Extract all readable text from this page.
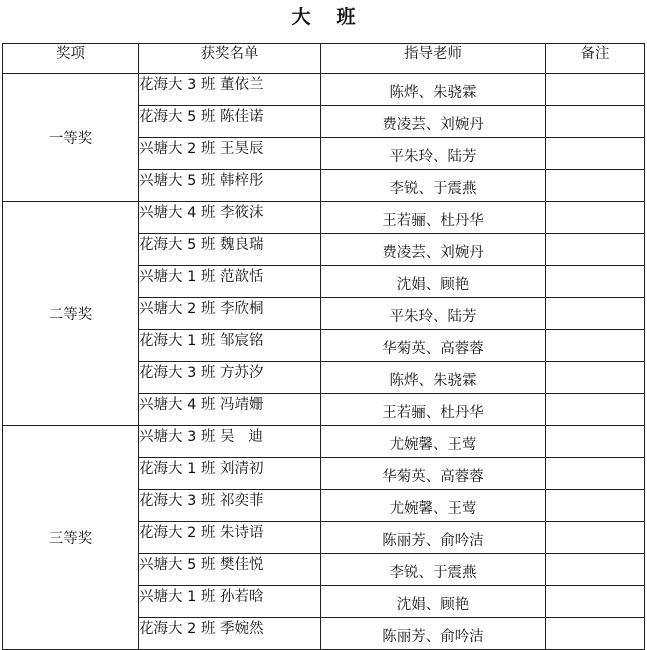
大班
奖项	获奖名单	指导老师	备注
一等奖	花海大 3 班 董依兰	陈烨、朱骁霖	
	花海大 5 班 陈佳诺	费凌芸、刘婉丹	
	兴塘大 2 班 王昊辰	平朱玲、陆芳	
	兴塘大 5 班 韩梓彤	李锐、于震燕	
二等奖	兴塘大 4 班 李筱沫	王若骊、杜丹华	
	花海大 5 班 魏良瑞	费凌芸、刘婉丹	
	兴塘大 1 班 范歆恬	沈娟、顾艳	
	兴塘大 2 班 李欣桐	平朱玲、陆芳	
	花海大 1 班 邹宸铭	华菊英、高蓉蓉	
	花海大 3 班 方苏汐	陈烨、朱骁霖	
	兴塘大 4 班 冯靖姗	王若骊、杜丹华	
三等奖	兴塘大 3 班 吴   迪	尤婉馨、王莺	
	花海大 1 班 刘清初	华菊英、高蓉蓉	
	花海大 3 班 祁奕菲	尤婉馨、王莺	
	花海大 2 班 朱诗语	陈丽芳、俞吟洁	
	兴塘大 5 班 樊佳悦	李锐、于震燕	
	兴塘大 1 班 孙若晗	沈娟、顾艳	
	花海大 2 班 季婉然	陈丽芳、俞吟洁	
